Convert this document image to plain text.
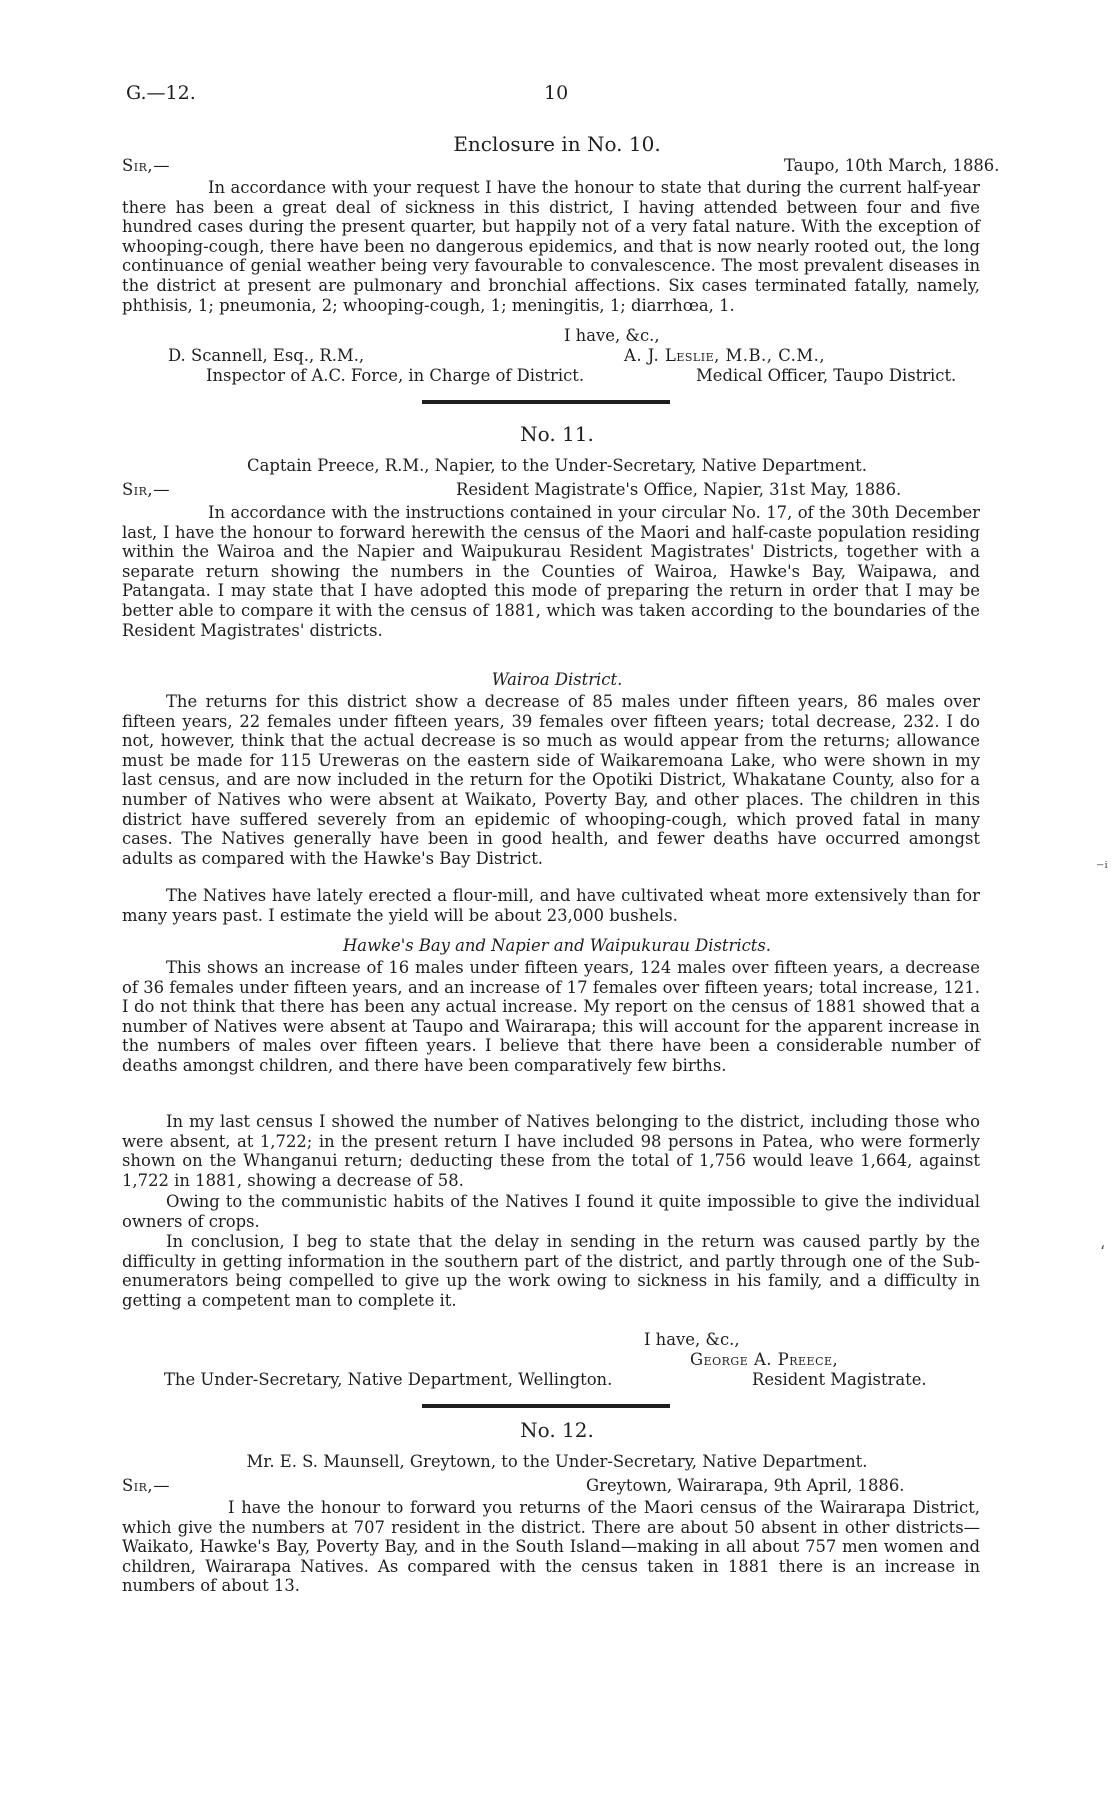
G.—12.	10
Enclosure in No. 10.
Sir,—	Taupo, 10th March, 1886.

In accordance with your request I have the honour to state that during the current half-year there has been a great deal of sickness in this district, I having attended between four and five hundred cases during the present quarter, but happily not of a very fatal nature. With the exception of whooping-cough, there have been no dangerous epidemics, and that is now nearly rooted out, the long continuance of genial weather being very favourable to convalescence. The most prevalent diseases in the district at present are pulmonary and bronchial affections. Six cases terminated fatally, namely, phthisis, 1; pneumonia, 2; whooping-cough, 1; meningitis, 1; diarrhœa, 1.

I have, &c.,
D. Scannell, Esq., R.M.,	A. J. Leslie, M.B., C.M.,
Inspector of A.C. Force, in Charge of District.	Medical Officer, Taupo District.
No. 11.
Captain Preece, R.M., Napier, to the Under-Secretary, Native Department.
Sir,—	Resident Magistrate's Office, Napier, 31st May, 1886.

In accordance with the instructions contained in your circular No. 17, of the 30th December last, I have the honour to forward herewith the census of the Maori and half-caste population residing within the Wairoa and the Napier and Waipukurau Resident Magistrates' Districts, together with a separate return showing the numbers in the Counties of Wairoa, Hawke's Bay, Waipawa, and Patangata. I may state that I have adopted this mode of preparing the return in order that I may be better able to compare it with the census of 1881, which was taken according to the boundaries of the Resident Magistrates' districts.

Wairoa District.

The returns for this district show a decrease of 85 males under fifteen years, 86 males over fifteen years, 22 females under fifteen years, 39 females over fifteen years; total decrease, 232. I do not, however, think that the actual decrease is so much as would appear from the returns; allowance must be made for 115 Ureweras on the eastern side of Waikaremoana Lake, who were shown in my last census, and are now included in the return for the Opotiki District, Whakatane County, also for a number of Natives who were absent at Waikato, Poverty Bay, and other places. The children in this district have suffered severely from an epidemic of whooping-cough, which proved fatal in many cases. The Natives generally have been in good health, and fewer deaths have occurred amongst adults as compared with the Hawke's Bay District.

The Natives have lately erected a flour-mill, and have cultivated wheat more extensively than for many years past. I estimate the yield will be about 23,000 bushels.

Hawke's Bay and Napier and Waipukurau Districts.

This shows an increase of 16 males under fifteen years, 124 males over fifteen years, a decrease of 36 females under fifteen years, and an increase of 17 females over fifteen years; total increase, 121. I do not think that there has been any actual increase. My report on the census of 1881 showed that a number of Natives were absent at Taupo and Wairarapa; this will account for the apparent increase in the numbers of males over fifteen years. I believe that there have been a considerable number of deaths amongst children, and there have been comparatively few births.

In my last census I showed the number of Natives belonging to the district, including those who were absent, at 1,722; in the present return I have included 98 persons in Patea, who were formerly shown on the Whanganui return; deducting these from the total of 1,756 would leave 1,664, against 1,722 in 1881, showing a decrease of 58.

Owing to the communistic habits of the Natives I found it quite impossible to give the individual owners of crops.

In conclusion, I beg to state that the delay in sending in the return was caused partly by the difficulty in getting information in the southern part of the district, and partly through one of the Sub-enumerators being compelled to give up the work owing to sickness in his family, and a difficulty in getting a competent man to complete it.

I have, &c.,
George A. Preece,
The Under-Secretary, Native Department, Wellington.	Resident Magistrate.
No. 12.
Mr. E. S. Maunsell, Greytown, to the Under-Secretary, Native Department.
Sir,—	Greytown, Wairarapa, 9th April, 1886.

I have the honour to forward you returns of the Maori census of the Wairarapa District, which give the numbers at 707 resident in the district. There are about 50 absent in other districts—Waikato, Hawke's Bay, Poverty Bay, and in the South Island—making in all about 757 men women and children, Wairarapa Natives. As compared with the census taken in 1881 there is an increase in numbers of about 13.

⁻ⁱ
ʻ
